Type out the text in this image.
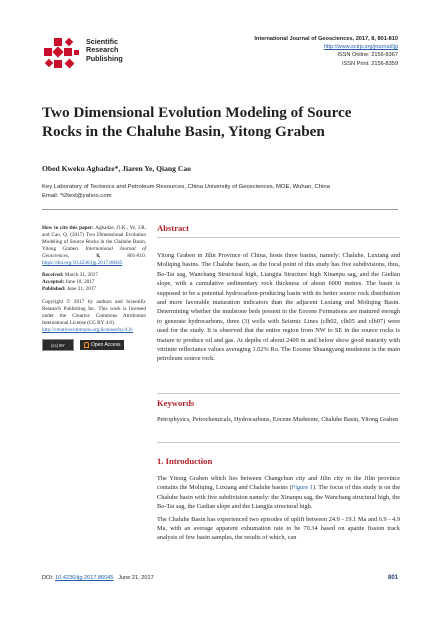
Scientific
Research
Publishing
International Journal of Geosciences, 2017, 8, 801-810
http://www.scirp.org/journal/ijg
ISSN Online: 2156-8367
ISSN Print: 2156-8359
Two Dimensional Evolution Modeling of Source
Rocks in the Chaluhe Basin, Yitong Graben
Obed Kweku Agbadze*, Jiaren Ye, Qiang Cao
Key Laboratory of Tectonics and Petroleum Resources, China University of Geosciences, MOE, Wuhan, China
Email: *t2text@yahoo.com

How to cite this paper: Agbadze, O.K., Ye, J.R. and Cao, Q. (2017) Two Dimensional Evolution Modeling of Source Rocks in the Chaluhe Basin, Yitong Graben. International Journal of Geosciences,	8,	801-810. https://doi.org/10.4236/ijg.2017.86045

Received: March 31, 2017
Accepted: June 18, 2017
Published: June 21, 2017

Copyright © 2017 by authors and Scientific Research Publishing Inc. This work is licensed under the Creative Commons Attribution International License (CC BY 4.0).
http://creativecommons.org/licenses/by/4.0/

(cc) BY	Open Access
Abstract
Yitong Graben in Jilin Province of China, hosts three basins, namely: Chaluhe, Luxiang and Moliqing basins. The Chaluhe basin, as the focal point of this study has five subdivisions, thus, Bo-Tai sag, Wanchang Structural high, Liangjia Structure high Xinanpu sag, and the Gudian slope, with a cumulative sedimentary rock thickness of about 6000 metres. The basin is supposed to be a potential hydrocarbon-producing basin with its better source rock distribution and more favorable maturation indicators than the adjacent Luxiang and Moliqing Basin. Determining whether the mudstone beds present in the Eocene Formations are matured enough to generate hydrocarbons, three (3) wells with Seismic Lines (clh02, clh05 and clh07) were used for the study. It is observed that the entire region from NW to SE in the source rocks is mature to produce oil and gas. At depths of about 2400 m and below show good maturity with vitrinite reflectance values averaging 1.02% Ro. The Eocene Shuangyang mudstone is the main petroleum source rock.
Keywords
Petrophysics, Petrochemicals, Hydrocarbons, Eocene Mudstone, Chaluhe Basin, Yitong Graben
1. Introduction

The Yitong Graben which lies between Changchun city and Jilin city in the Jilin province contains the Moliqing, Luxiang and Chaluhe basins (Figure 1). The focus of this study is on the Chaluhe basin with five subdivision namely: the Xinanpu sag, the Wanchang structural high, the Bo-Tai sag, the Gudian slope and the Liangjia structural high.

The Chaluhe Basin has experienced two episodes of uplift between 24.9 - 19.1 Ma and 6.9 - 4.9 Ma, with an average apparent exhumation rate to be 70.34 based on apatite fission track analysis of few basin samples, the results of which, can

DOI: 10.4236/ijg.2017.86045 June 21, 2017	801
